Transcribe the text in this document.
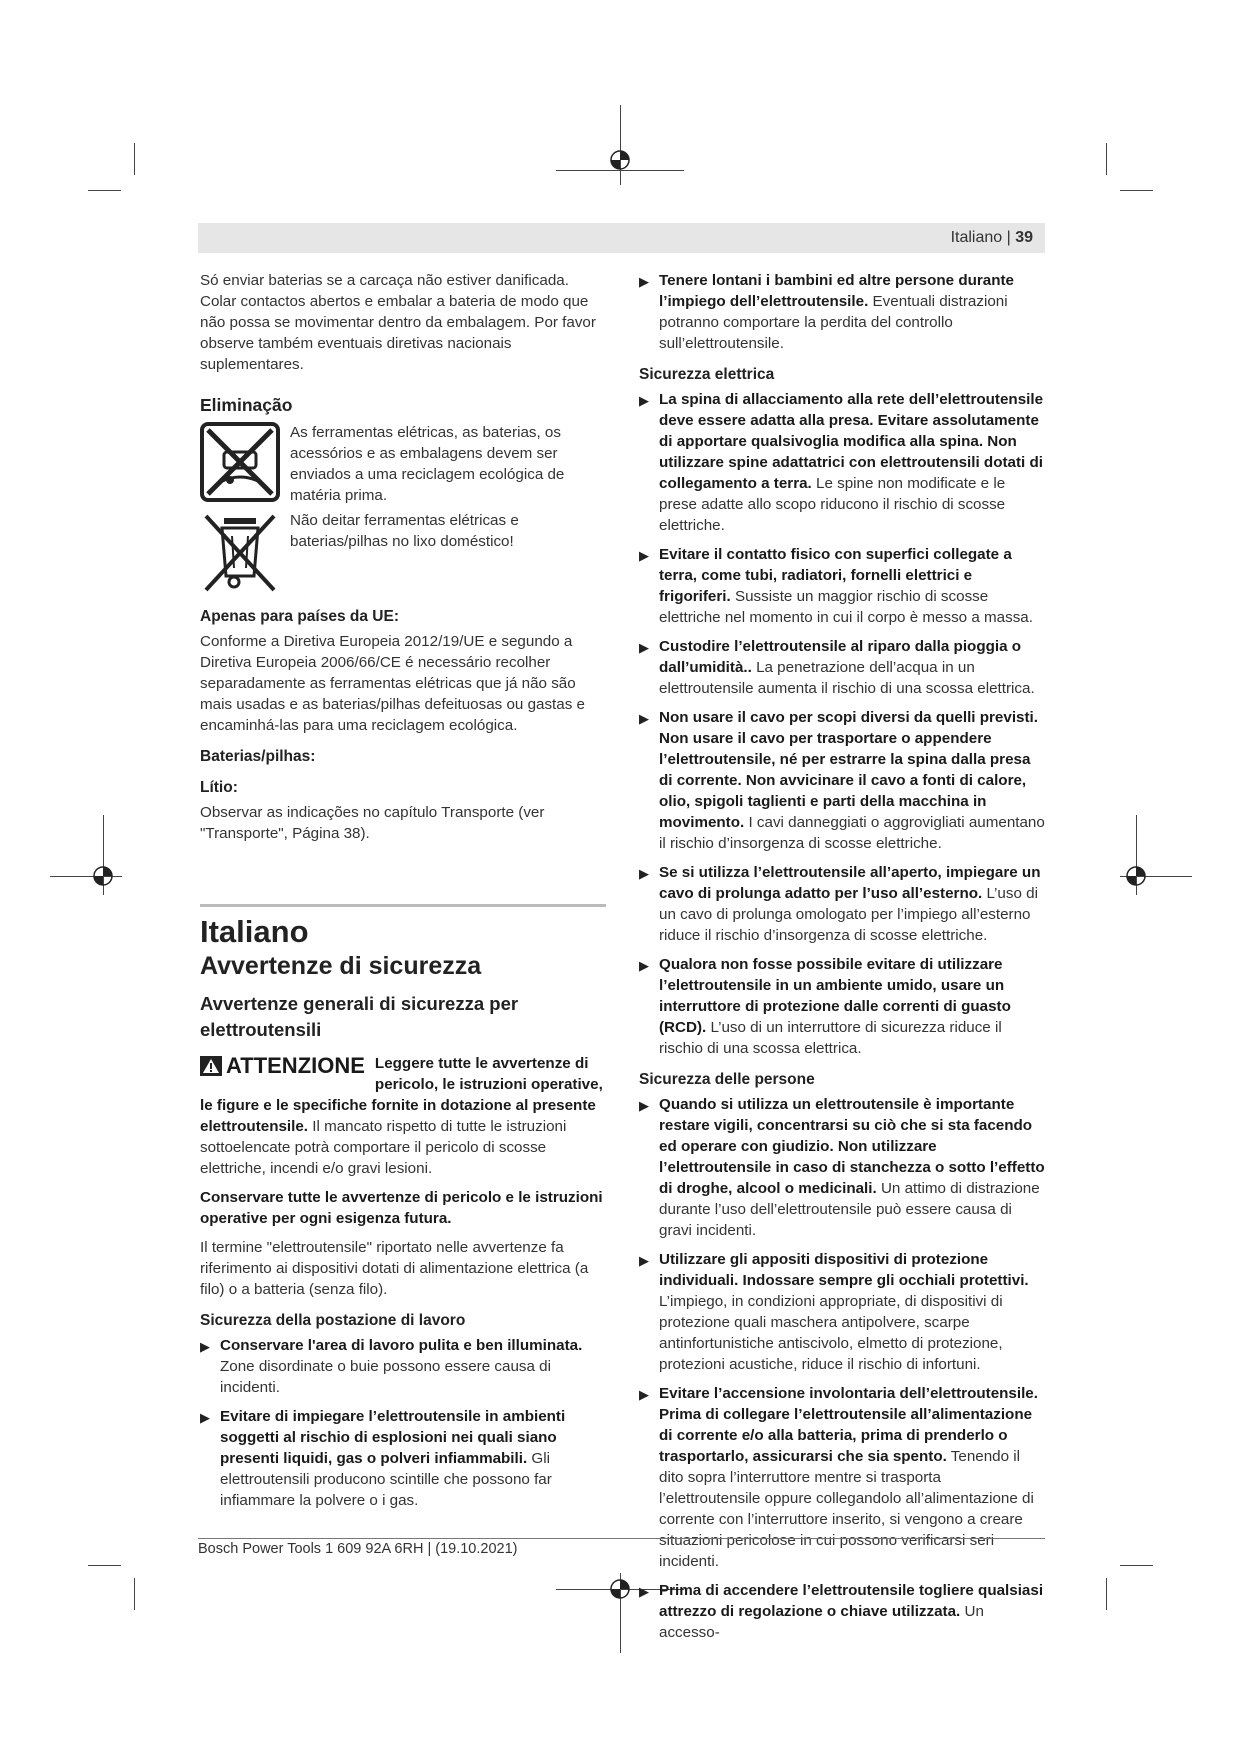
Italiano | 39

Só enviar baterias se a carcaça não estiver danificada. Colar contactos abertos e embalar a bateria de modo que não possa se movimentar dentro da embalagem. Por favor observe também eventuais diretivas nacionais suplementares.

Eliminação
As ferramentas elétricas, as baterias, os acessórios e as embalagens devem ser enviados a uma reciclagem ecológica de matéria prima.
Não deitar ferramentas elétricas e baterias/pilhas no lixo doméstico!
Apenas para países da UE:

Conforme a Diretiva Europeia 2012/19/UE e segundo a Diretiva Europeia 2006/66/CE é necessário recolher separadamente as ferramentas elétricas que já não são mais usadas e as baterias/pilhas defeituosas ou gastas e encaminhá-las para uma reciclagem ecológica.

Baterias/pilhas:
Lítio:

Observar as indicações no capítulo Transporte (ver "Transporte", Página 38).

Italiano
Avvertenze di sicurezza
Avvertenze generali di sicurezza per elettroutensili
ATTENZIONE Leggere tutte le avvertenze di pericolo, le istruzioni operative, le figure e le specifiche fornite in dotazione al presente elettroutensile. Il mancato rispetto di tutte le istruzioni sottoelencate potrà comportare il pericolo di scosse elettriche, incendi e/o gravi lesioni.

Conservare tutte le avvertenze di pericolo e le istruzioni operative per ogni esigenza futura.

Il termine "elettroutensile" riportato nelle avvertenze fa riferimento ai dispositivi dotati di alimentazione elettrica (a filo) o a batteria (senza filo).

Sicurezza della postazione di lavoro
▶ Conservare l'area di lavoro pulita e ben illuminata. Zone disordinate o buie possono essere causa di incidenti.
▶ Evitare di impiegare l’elettroutensile in ambienti soggetti al rischio di esplosioni nei quali siano presenti liquidi, gas o polveri infiammabili. Gli elettroutensili producono scintille che possono far infiammare la polvere o i gas.
▶ Tenere lontani i bambini ed altre persone durante l’impiego dell’elettroutensile. Eventuali distrazioni potranno comportare la perdita del controllo sull’elettroutensile.
Sicurezza elettrica
▶ La spina di allacciamento alla rete dell’elettroutensile deve essere adatta alla presa. Evitare assolutamente di apportare qualsivoglia modifica alla spina. Non utilizzare spine adattatrici con elettroutensili dotati di collegamento a terra. Le spine non modificate e le prese adatte allo scopo riducono il rischio di scosse elettriche.
▶ Evitare il contatto fisico con superfici collegate a terra, come tubi, radiatori, fornelli elettrici e frigoriferi. Sussiste un maggior rischio di scosse elettriche nel momento in cui il corpo è messo a massa.
▶ Custodire l’elettroutensile al riparo dalla pioggia o dall’umidità.. La penetrazione dell’acqua in un elettroutensile aumenta il rischio di una scossa elettrica.
▶ Non usare il cavo per scopi diversi da quelli previsti. Non usare il cavo per trasportare o appendere l’elettroutensile, né per estrarre la spina dalla presa di corrente. Non avvicinare il cavo a fonti di calore, olio, spigoli taglienti e parti della macchina in movimento. I cavi danneggiati o aggrovigliati aumentano il rischio d’insorgenza di scosse elettriche.
▶ Se si utilizza l’elettroutensile all’aperto, impiegare un cavo di prolunga adatto per l’uso all’esterno. L’uso di un cavo di prolunga omologato per l’impiego all’esterno riduce il rischio d’insorgenza di scosse elettriche.
▶ Qualora non fosse possibile evitare di utilizzare l’elettroutensile in un ambiente umido, usare un interruttore di protezione dalle correnti di guasto (RCD). L’uso di un interruttore di sicurezza riduce il rischio di una scossa elettrica.
Sicurezza delle persone
▶ Quando si utilizza un elettroutensile è importante restare vigili, concentrarsi su ciò che si sta facendo ed operare con giudizio. Non utilizzare l’elettroutensile in caso di stanchezza o sotto l’effetto di droghe, alcool o medicinali. Un attimo di distrazione durante l’uso dell’elettroutensile può essere causa di gravi incidenti.
▶ Utilizzare gli appositi dispositivi di protezione individuali. Indossare sempre gli occhiali protettivi. L’impiego, in condizioni appropriate, di dispositivi di protezione quali maschera antipolvere, scarpe antinfortunistiche antiscivolo, elmetto di protezione, protezioni acustiche, riduce il rischio di infortuni.
▶ Evitare l’accensione involontaria dell’elettroutensile. Prima di collegare l’elettroutensile all’alimentazione di corrente e/o alla batteria, prima di prenderlo o trasportarlo, assicurarsi che sia spento. Tenendo il dito sopra l’interruttore mentre si trasporta l’elettroutensile oppure collegandolo all’alimentazione di corrente con l’interruttore inserito, si vengono a creare situazioni pericolose in cui possono verificarsi seri incidenti.
▶ Prima di accendere l’elettroutensile togliere qualsiasi attrezzo di regolazione o chiave utilizzata. Un accesso-
Bosch Power Tools 1 609 92A 6RH | (19.10.2021)
